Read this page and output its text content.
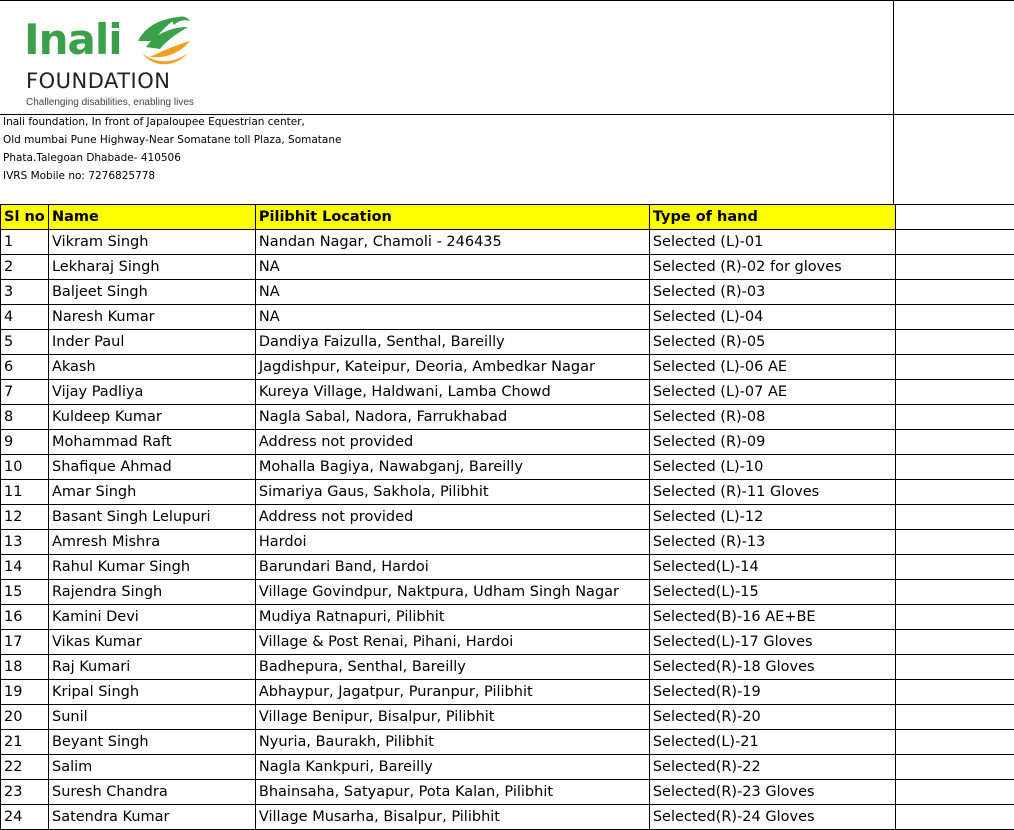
Inali
FOUNDATION
Challenging disabilities, enabling lives
Inali foundation, In front of Japaloupee Equestrian center,
Old mumbai Pune Highway-Near Somatane toll Plaza, Somatane
Phata.Talegoan Dhabade- 410506
IVRS Mobile no: 7276825778
Sl no	Name	Pilibhit Location	Type of hand	
1	Vikram Singh	Nandan Nagar, Chamoli - 246435	Selected (L)-01	
2	Lekharaj Singh	NA	Selected (R)-02 for gloves	
3	Baljeet Singh	NA	Selected (R)-03	
4	Naresh Kumar	NA	Selected (L)-04	
5	Inder Paul	Dandiya Faizulla, Senthal, Bareilly	Selected (R)-05	
6	Akash	Jagdishpur, Kateipur, Deoria, Ambedkar Nagar	Selected (L)-06 AE	
7	Vijay Padliya	Kureya Village, Haldwani, Lamba Chowd	Selected (L)-07 AE	
8	Kuldeep Kumar	Nagla Sabal, Nadora, Farrukhabad	Selected (R)-08	
9	Mohammad Raft	Address not provided	Selected (R)-09	
10	Shafique Ahmad	Mohalla Bagiya, Nawabganj, Bareilly	Selected (L)-10	
11	Amar Singh	Simariya Gaus, Sakhola, Pilibhit	Selected (R)-11 Gloves	
12	Basant Singh Lelupuri	Address not provided	Selected (L)-12	
13	Amresh Mishra	Hardoi	Selected (R)-13	
14	Rahul Kumar Singh	Barundari Band, Hardoi	Selected(L)-14	
15	Rajendra Singh	Village Govindpur, Naktpura, Udham Singh Nagar	Selected(L)-15	
16	Kamini Devi	Mudiya Ratnapuri, Pilibhit	Selected(B)-16 AE+BE	
17	Vikas Kumar	Village & Post Renai, Pihani, Hardoi	Selected(L)-17 Gloves	
18	Raj Kumari	Badhepura, Senthal, Bareilly	Selected(R)-18 Gloves	
19	Kripal Singh	Abhaypur, Jagatpur, Puranpur, Pilibhit	Selected(R)-19	
20	Sunil	Village Benipur, Bisalpur, Pilibhit	Selected(R)-20	
21	Beyant Singh	Nyuria, Baurakh, Pilibhit	Selected(L)-21	
22	Salim	Nagla Kankpuri, Bareilly	Selected(R)-22	
23	Suresh Chandra	Bhainsaha, Satyapur, Pota Kalan, Pilibhit	Selected(R)-23 Gloves	
24	Satendra Kumar	Village Musarha, Bisalpur, Pilibhit	Selected(R)-24 Gloves	
